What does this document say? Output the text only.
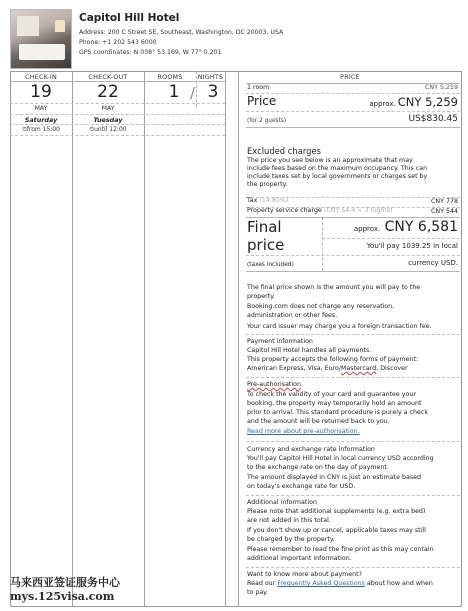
Capitol Hill Hotel
Address: 200 C Street SE, Southeast, Washington, DC 20003, USA
Phone: +1 202 543 6000
GPS coordinates: N 038° 53.169, W 77° 0.201
CHECK-IN	CHECK-OUT	ROOMS	NIGHTS
19	22	1 / 3
MAY	MAY
Saturday	Tuesday
⏲from 15:00	⏲until 12:00
PRICE
1 room	CNY 5,259
Price	approx. CNY 5,259
(for 2 guests)	US$830.45
Excluded charges
The price you see below is an approximate that may
include fees based on the maximum occupancy. This can
include taxes set by local governments or charges set by
the property.
Tax (14.80%)	CNY 778
Property service charge (CNY 54.4 × 3 nights)	CNY 544
Final
price
approx. CNY 6,581
You'll pay 1039.25 in local
(taxes included)	currency USD.
The final price shown is the amount you will pay to the
property.
Booking.com does not charge any reservation,
administration or other fees.
Your card issuer may charge you a foreign transaction fee.
Payment information
Capitol Hill Hotel handles all payments.
This property accepts the following forms of payment:
American Express, Visa, Euro/Mastercard, Discover
Pre-authorisation
To check the validity of your card and guarantee your
booking, the property may temporarily hold an amount
prior to arrival. This standard procedure is purely a check
and the amount will be returned back to you.
Read more about pre-authorisation.
Currency and exchange rate information
You'll pay Capitol Hill Hotel in local currency USD according
to the exchange rate on the day of payment.
The amount displayed in CNY is just an estimate based
on today's exchange rate for USD.
Additional information
Please note that additional supplements (e.g. extra bed)
are not added in this total.
If you don't show up or cancel, applicable taxes may still
be charged by the property.
Please remember to read the fine print as this may contain
additional important information.
Want to know more about payment?
Read our Frequently Asked Questions about how and when
to pay.
马来西亚签证服务中心
mys.125visa.com
